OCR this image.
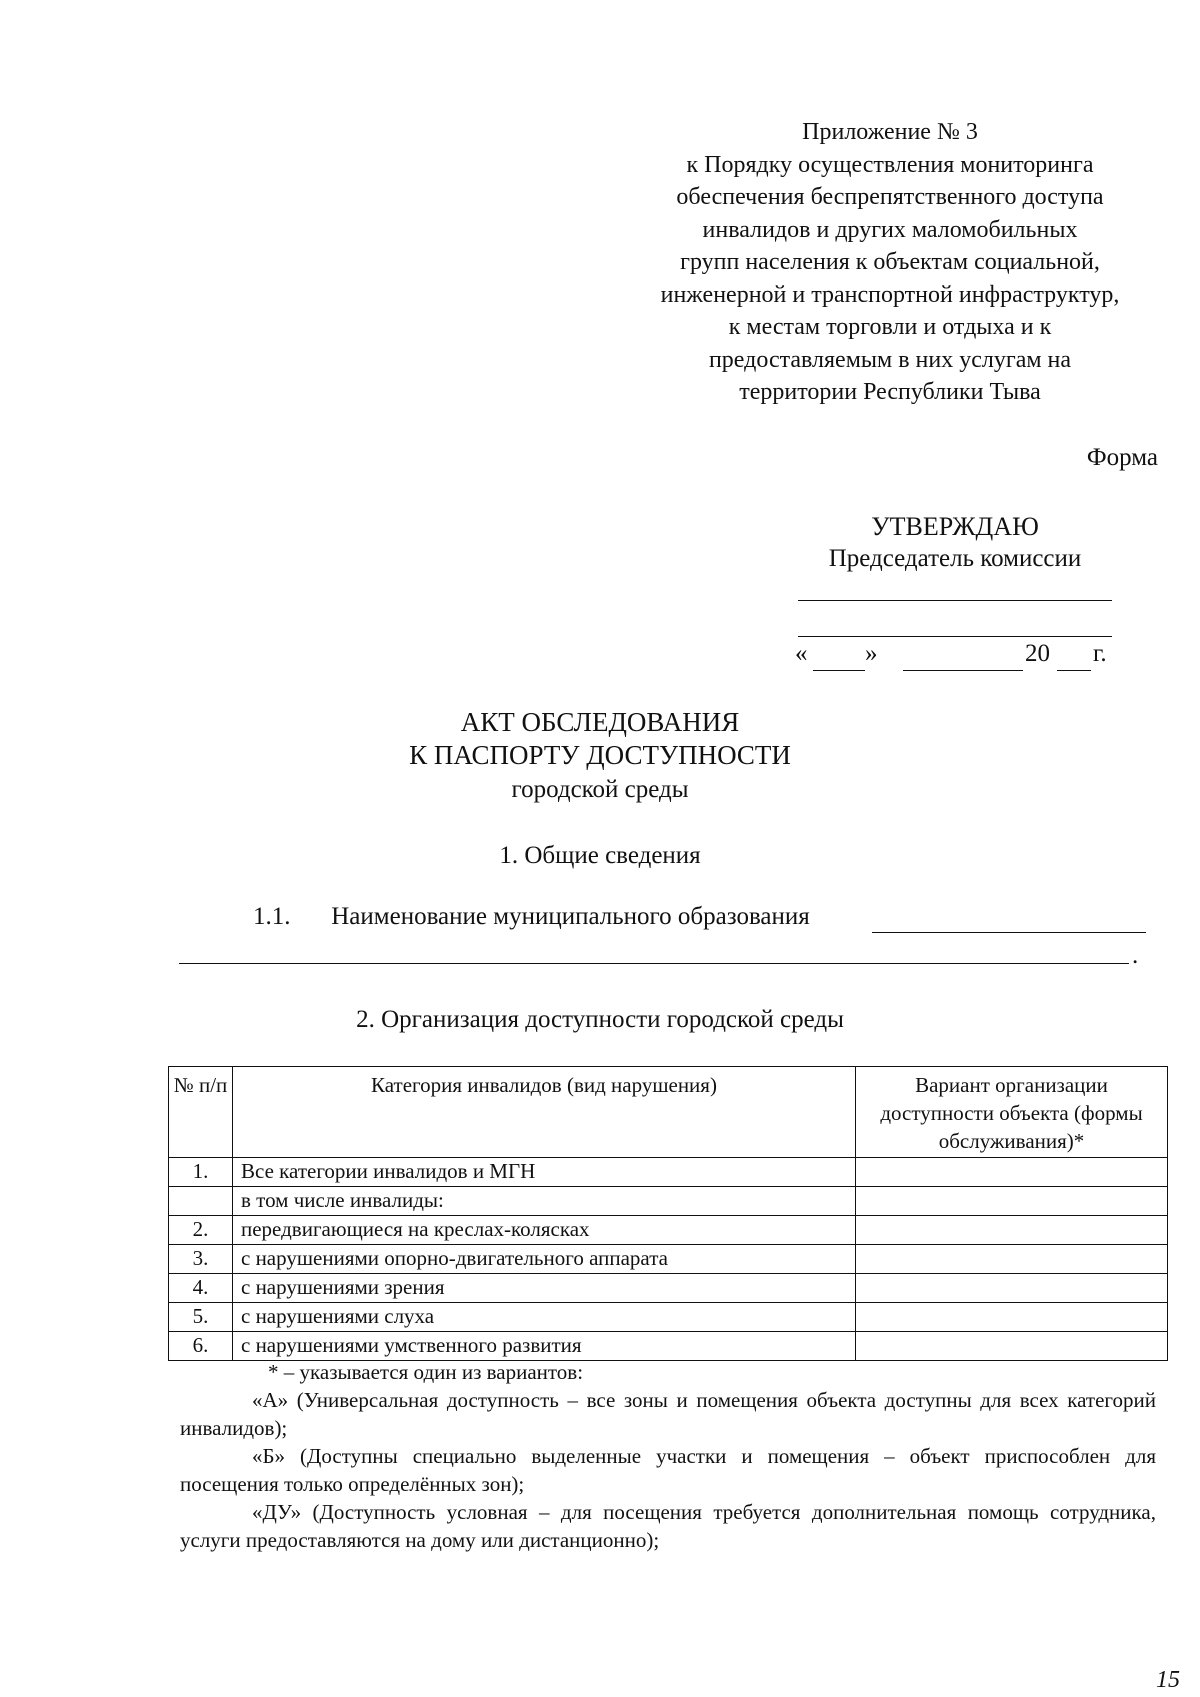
Приложение № 3
к Порядку осуществления мониторинга
обеспечения беспрепятственного доступа
инвалидов и других маломобильных
групп населения к объектам социальной,
инженерной и транспортной инфраструктур,
к местам торговли и отдыха и к
предоставляемым в них услугам на
территории Республики Тыва
Форма
УТВЕРЖДАЮ
Председатель комиссии
« »	20 г.
АКТ ОБСЛЕДОВАНИЯ
К ПАСПОРТУ ДОСТУПНОСТИ
городской среды
1. Общие сведения
1.1. Наименование муниципального образования
.
2. Организация доступности городской среды
№ п/п	Категория инвалидов (вид нарушения)	Вариант организации доступности объекта (формы обслуживания)*
1.	Все категории инвалидов и МГН	
	в том числе инвалиды:	
2.	передвигающиеся на креслах-колясках	
3.	с нарушениями опорно-двигательного аппарата	
4.	с нарушениями зрения	
5.	с нарушениями слуха	
6.	с нарушениями умственного развития	

* – указывается один из вариантов:

«А» (Универсальная доступность – все зоны и помещения объекта доступны для всех категорий инвалидов);

«Б» (Доступны специально выделенные участки и помещения – объект приспособлен для посещения только определённых зон);

«ДУ» (Доступность условная – для посещения требуется дополнительная помощь сотрудника, услуги предоставляются на дому или дистанционно);

15
